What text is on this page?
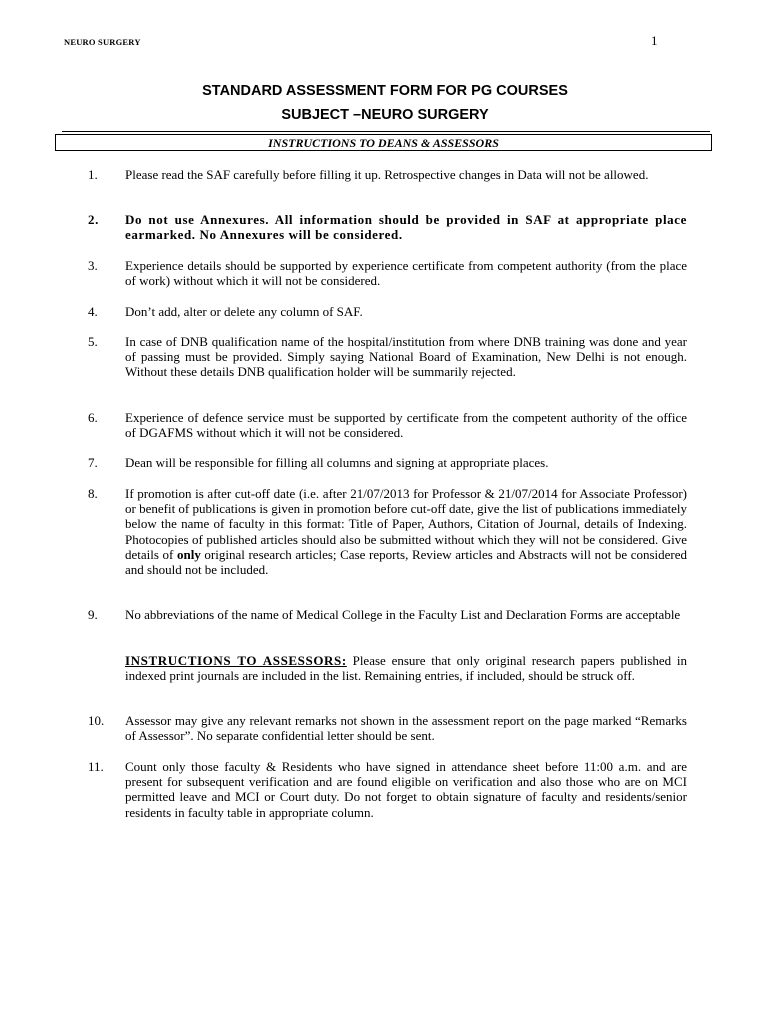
NEURO SURGERY	1
STANDARD ASSESSMENT FORM FOR PG COURSES
SUBJECT –NEURO SURGERY
INSTRUCTIONS TO DEANS & ASSESSORS
1. Please read the SAF carefully before filling it up. Retrospective changes in Data will not be allowed.
2. Do not use Annexures. All information should be provided in SAF at appropriate place earmarked. No Annexures will be considered.
3. Experience details should be supported by experience certificate from competent authority (from the place of work) without which it will not be considered.
4. Don’t add, alter or delete any column of SAF.
5. In case of DNB qualification name of the hospital/institution from where DNB training was done and year of passing must be provided. Simply saying National Board of Examination, New Delhi is not enough. Without these details DNB qualification holder will be summarily rejected.
6. Experience of defence service must be supported by certificate from the competent authority of the office of DGAFMS without which it will not be considered.
7. Dean will be responsible for filling all columns and signing at appropriate places.
8. If promotion is after cut-off date (i.e. after 21/07/2013 for Professor & 21/07/2014 for Associate Professor) or benefit of publications is given in promotion before cut-off date, give the list of publications immediately below the name of faculty in this format: Title of Paper, Authors, Citation of Journal, details of Indexing. Photocopies of published articles should also be submitted without which they will not be considered. Give details of only original research articles; Case reports, Review articles and Abstracts will not be considered and should not be included.
9. No abbreviations of the name of Medical College in the Faculty List and Declaration Forms are acceptable
INSTRUCTIONS TO ASSESSORS: Please ensure that only original research papers published in indexed print journals are included in the list. Remaining entries, if included, should be struck off.
10. Assessor may give any relevant remarks not shown in the assessment report on the page marked “Remarks of Assessor”. No separate confidential letter should be sent.
11. Count only those faculty & Residents who have signed in attendance sheet before 11:00 a.m. and are present for subsequent verification and are found eligible on verification and also those who are on MCI permitted leave and MCI or Court duty. Do not forget to obtain signature of faculty and residents/senior residents in faculty table in appropriate column.
